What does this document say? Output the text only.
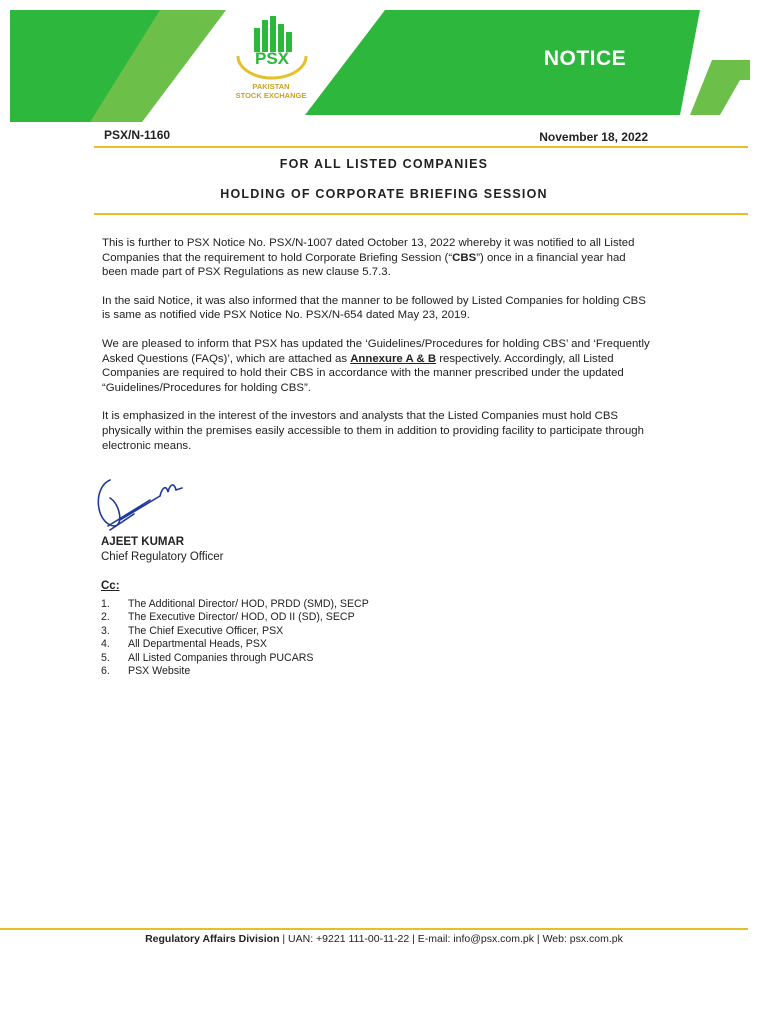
PSX
PAKISTAN
STOCK EXCHANGE
NOTICE
PSX/N-1160	November 18, 2022
FOR ALL LISTED COMPANIES
HOLDING OF CORPORATE BRIEFING SESSION

This is further to PSX Notice No. PSX/N-1007 dated October 13, 2022 whereby it was notified to all Listed Companies that the requirement to hold Corporate Briefing Session (“CBS”) once in a financial year had been made part of PSX Regulations as new clause 5.7.3.

In the said Notice, it was also informed that the manner to be followed by Listed Companies for holding CBS is same as notified vide PSX Notice No. PSX/N-654 dated May 23, 2019.

We are pleased to inform that PSX has updated the ‘Guidelines/Procedures for holding CBS’ and ‘Frequently Asked Questions (FAQs)’, which are attached as Annexure A & B respectively. Accordingly, all Listed Companies are required to hold their CBS in accordance with the manner prescribed under the updated “Guidelines/Procedures for holding CBS”.

It is emphasized in the interest of the investors and analysts that the Listed Companies must hold CBS physically within the premises easily accessible to them in addition to providing facility to participate through electronic means.

AJEET KUMAR
Chief Regulatory Officer
Cc:
1.	The Additional Director/ HOD, PRDD (SMD), SECP
2.	The Executive Director/ HOD, OD II (SD), SECP
3.	The Chief Executive Officer, PSX
4.	All Departmental Heads, PSX
5.	All Listed Companies through PUCARS
6.	PSX Website
Regulatory Affairs Division | UAN: +9221 111-00-11-22 | E-mail: info@psx.com.pk | Web: psx.com.pk
